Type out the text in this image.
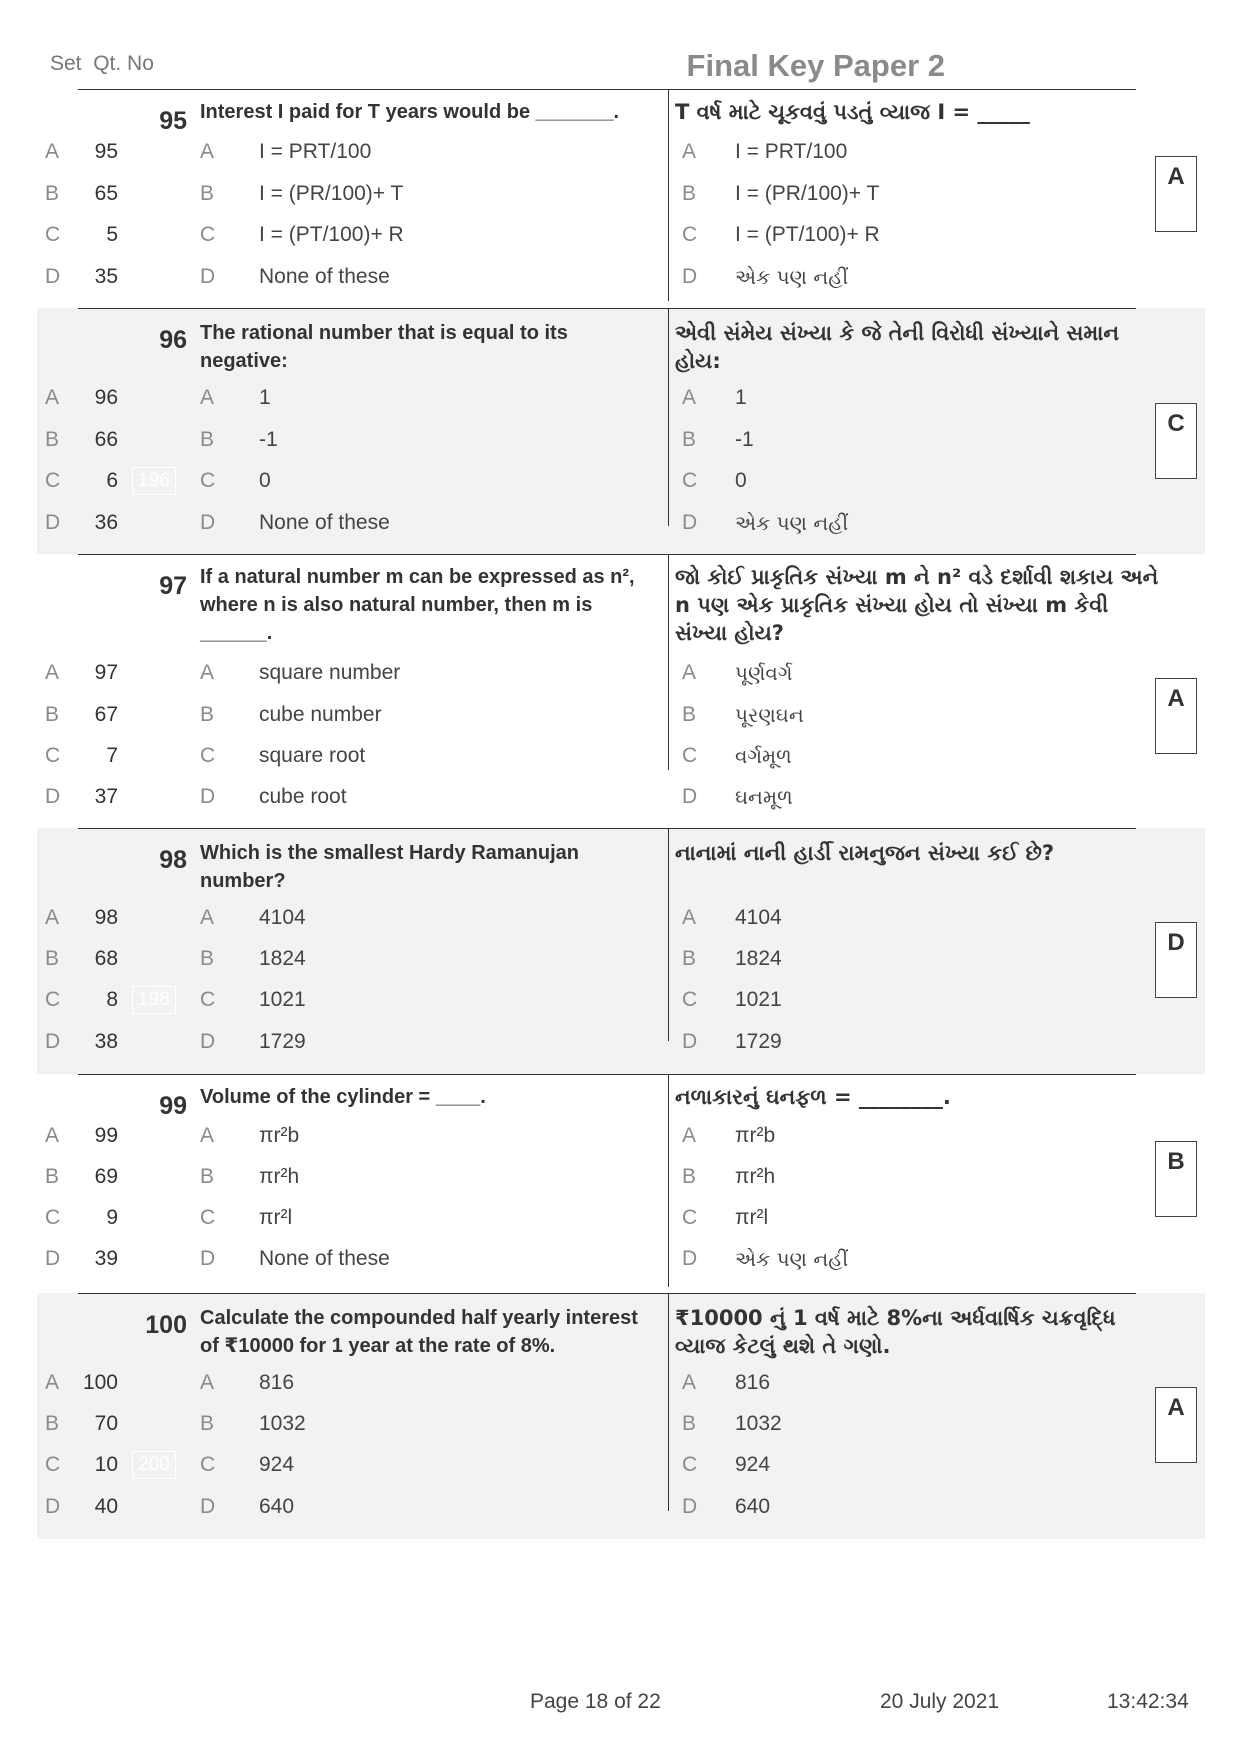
Set Qt. No	Final Key Paper 2
95 Interest I paid for T years would be _______.	T વર્ષ માટે ચૂકવવું પડતું વ્યાજ I = _____
A	95	A I = PRT/100	A I = PRT/100
B	65	B I = (PR/100)+ T	B I = (PR/100)+ T
C	5	C I = (PT/100)+ R	C I = (PT/100)+ R
D	35	D None of these	D એક પણ નહીં
A
96 The rational number that is equal to its negative:
એવી સંમેય સંખ્યા કે જે તેની વિરોધી સંખ્યાને સમાન હોય:
A	96	A 1	A 1
B	66	B -1	B -1
C	6	C 0	C 0
D	36	D None of these	D એક પણ નહીં
196
C
97 If a natural number m can be expressed as n², where n is also natural number, then m is ______.
જો કોઈ પ્રાકૃતિક સંખ્યા m ને n² વડે દર્શાવી શકાય અને n પણ એક પ્રાકૃતિક સંખ્યા હોય તો સંખ્યા m કેવી સંખ્યા હોય?
A	97	A square number	A પૂર્ણવર્ગ
B	67	B cube number	B પૂરણઘન
C	7	C square root	C વર્ગમૂળ
D	37	D cube root	D ઘનમૂળ
A
98 Which is the smallest Hardy Ramanujan number?
નાનામાં નાની હાર્ડી રામનુજન સંખ્યા કઈ છે?
A	98	A 4104	A 4104
B	68	B 1824	B 1824
C	8	C 1021	C 1021
D	38	D 1729	D 1729
198
D
99 Volume of the cylinder = ____.	નળાકારનું ઘનફળ = ________.
A	99	A πr²b	A πr²b
B	69	B πr²h	B πr²h
C	9	C πr²l	C πr²l
D	39	D None of these	D એક પણ નહીં
B
100 Calculate the compounded half yearly interest of ₹10000 for 1 year at the rate of 8%.
₹10000 નું 1 વર્ષ માટે 8%ના અર્ધવાર્ષિક ચક્રવૃદ્ધિ વ્યાજ કેટલું થશે તે ગણો.
A	100	A 816	A 816
B	70	B 1032	B 1032
C	10	C 924	C 924
D	40	D 640	D 640
200
A
Page 18 of 22	20 July 2021	13:42:34
